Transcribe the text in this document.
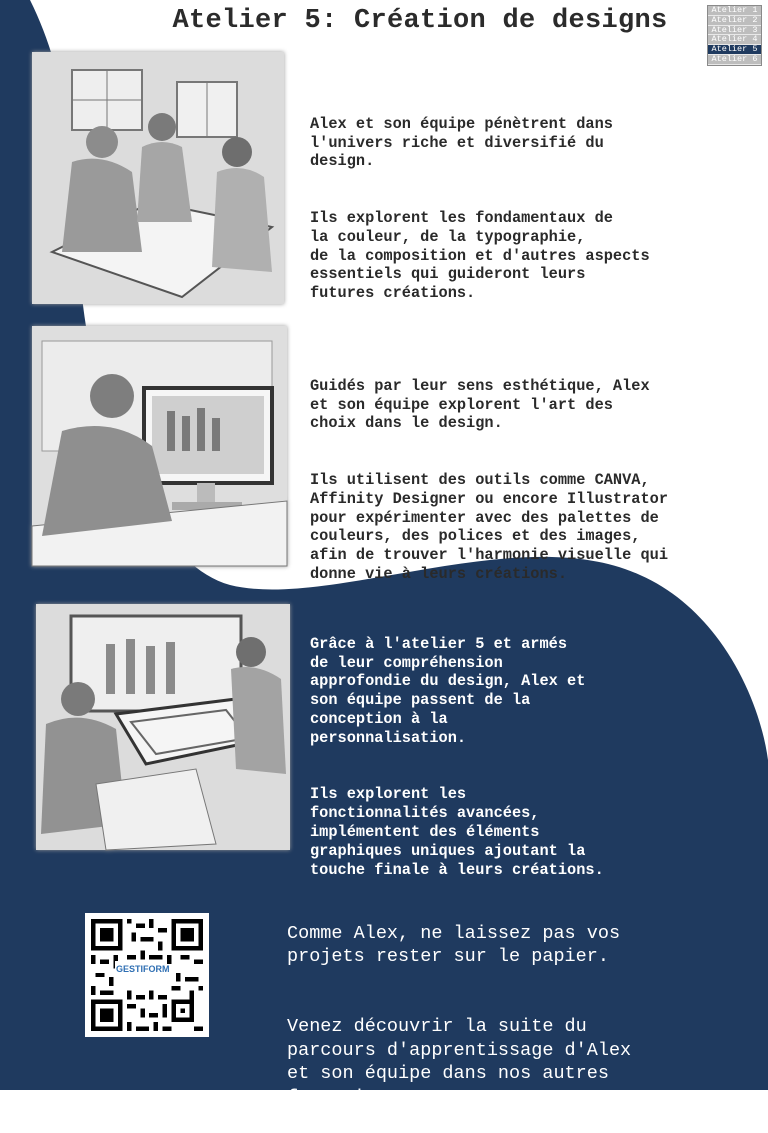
Atelier 5: Création de designs	Atelier 1
Atelier 2
Atelier 3
Atelier 4
Atelier 5
Atelier 6

Alex et son équipe pénètrent dans
l'univers riche et diversifié du
design.

Ils explorent les fondamentaux de
la couleur, de la typographie,
de la composition et d'autres aspects
essentiels qui guideront leurs
futures créations.

Guidés par leur sens esthétique, Alex
et son équipe explorent l'art des
choix dans le design.

Ils utilisent des outils comme CANVA,
Affinity Designer ou encore Illustrator
pour expérimenter avec des palettes de
couleurs, des polices et des images,
afin de trouver l'harmonie visuelle qui
donne vie à leurs créations.

Grâce à l'atelier 5 et armés
de leur compréhension
approfondie du design, Alex et
son équipe passent de la
conception à la
personnalisation.

Ils explorent les
fonctionnalités avancées,
implémentent des éléments
graphiques uniques ajoutant la
touche finale à leurs créations.

GESTIFORM

Comme Alex, ne laissez pas vos
projets rester sur le papier.

Venez découvrir la suite du
parcours d'apprentissage d'Alex
et son équipe dans nos autres
formations
